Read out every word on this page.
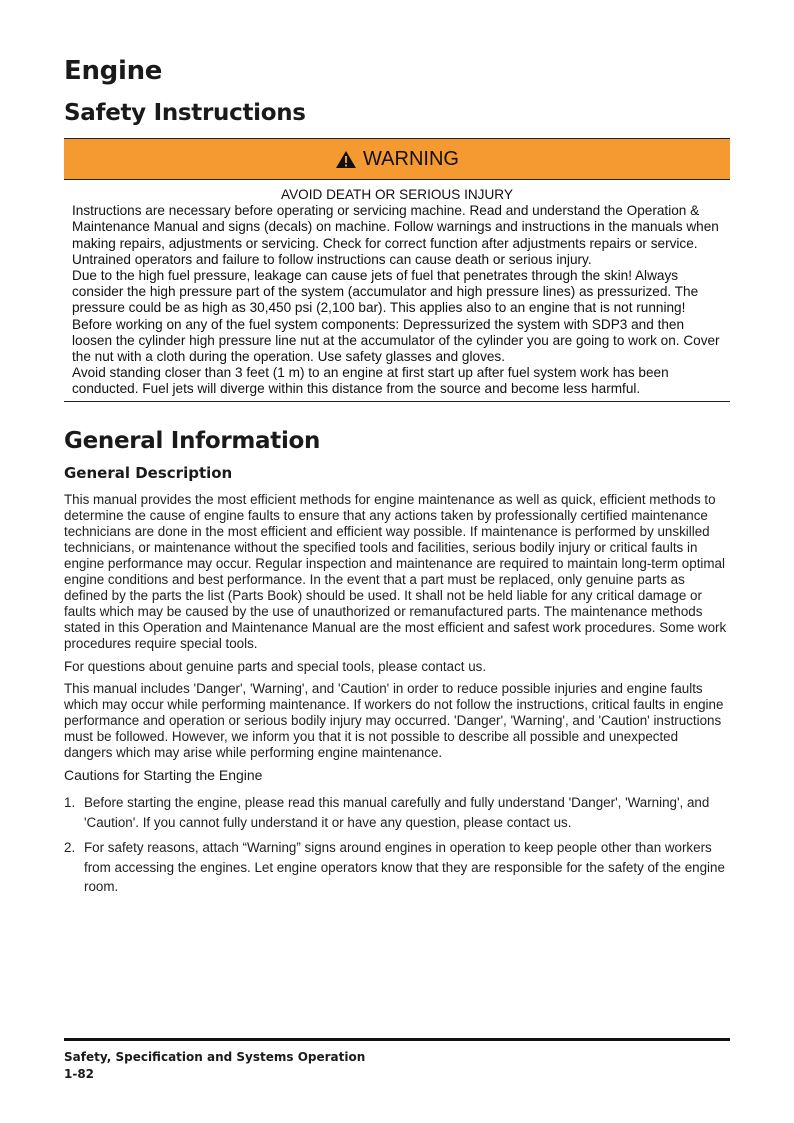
Engine
Safety Instructions
WARNING

AVOID DEATH OR SERIOUS INJURY

Instructions are necessary before operating or servicing machine. Read and understand the Operation & Maintenance Manual and signs (decals) on machine. Follow warnings and instructions in the manuals when making repairs, adjustments or servicing. Check for correct function after adjustments repairs or service. Untrained operators and failure to follow instructions can cause death or serious injury.

Due to the high fuel pressure, leakage can cause jets of fuel that penetrates through the skin! Always consider the high pressure part of the system (accumulator and high pressure lines) as pressurized. The pressure could be as high as 30,450 psi (2,100 bar). This applies also to an engine that is not running!

Before working on any of the fuel system components: Depressurized the system with SDP3 and then loosen the cylinder high pressure line nut at the accumulator of the cylinder you are going to work on. Cover the nut with a cloth during the operation. Use safety glasses and gloves.

Avoid standing closer than 3 feet (1 m) to an engine at first start up after fuel system work has been conducted. Fuel jets will diverge within this distance from the source and become less harmful.

General Information
General Description

This manual provides the most efficient methods for engine maintenance as well as quick, efficient methods to determine the cause of engine faults to ensure that any actions taken by professionally certified maintenance technicians are done in the most efficient and efficient way possible. If maintenance is performed by unskilled technicians, or maintenance without the specified tools and facilities, serious bodily injury or critical faults in engine performance may occur. Regular inspection and maintenance are required to maintain long-term optimal engine conditions and best performance. In the event that a part must be replaced, only genuine parts as defined by the parts the list (Parts Book) should be used. It shall not be held liable for any critical damage or faults which may be caused by the use of unauthorized or remanufactured parts. The maintenance methods stated in this Operation and Maintenance Manual are the most efficient and safest work procedures. Some work procedures require special tools.

For questions about genuine parts and special tools, please contact us.

This manual includes 'Danger', 'Warning', and 'Caution' in order to reduce possible injuries and engine faults which may occur while performing maintenance. If workers do not follow the instructions, critical faults in engine performance and operation or serious bodily injury may occurred. 'Danger', 'Warning', and 'Caution' instructions must be followed. However, we inform you that it is not possible to describe all possible and unexpected dangers which may arise while performing engine maintenance.

Cautions for Starting the Engine
1. Before starting the engine, please read this manual carefully and fully understand 'Danger', 'Warning', and 'Caution'. If you cannot fully understand it or have any question, please contact us.
2. For safety reasons, attach “Warning” signs around engines in operation to keep people other than workers from accessing the engines. Let engine operators know that they are responsible for the safety of the engine room.
Safety, Specification and Systems Operation
1-82
